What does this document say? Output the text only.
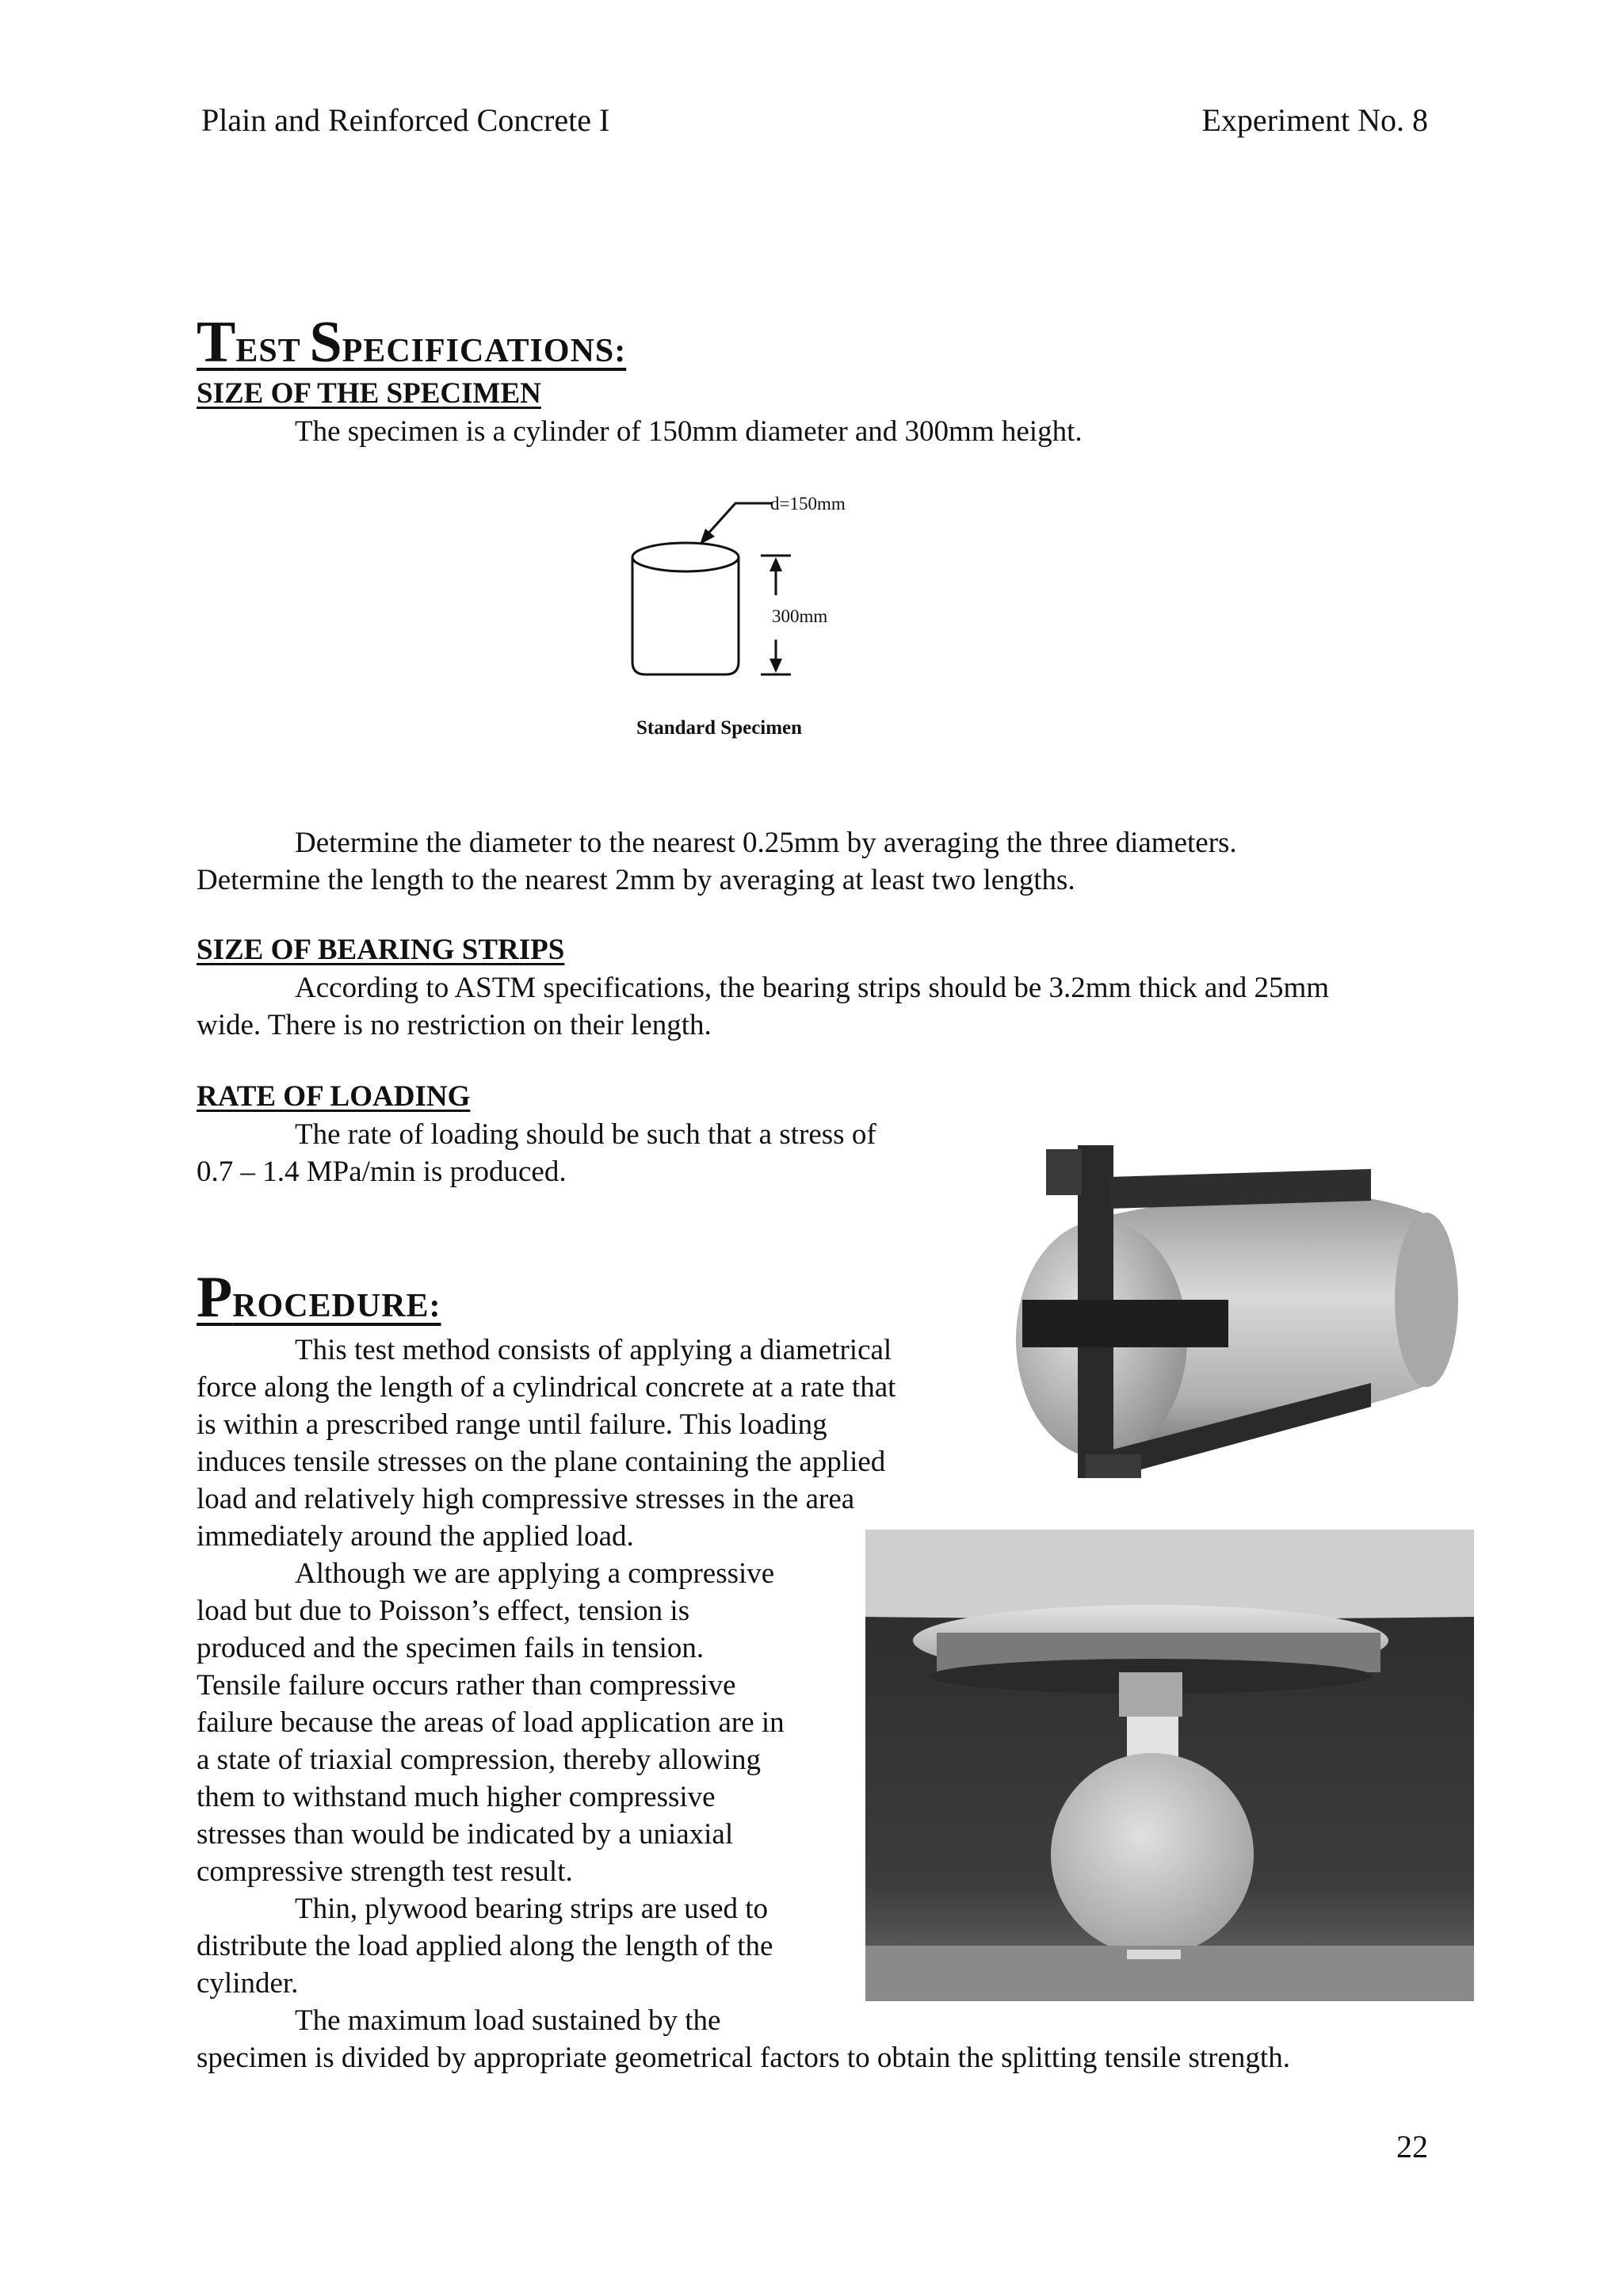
Plain and Reinforced Concrete I	Experiment No. 8
TEST SPECIFICATIONS:
SIZE OF THE SPECIMEN
The specimen is a cylinder of 150mm diameter and 300mm height.
d=150mm
300mm
Standard Specimen

Determine the diameter to the nearest 0.25mm by averaging the three diameters.

Determine the length to the nearest 2mm by averaging at least two lengths.

SIZE OF BEARING STRIPS

According to ASTM specifications, the bearing strips should be 3.2mm thick and 25mm

wide. There is no restriction on their length.

RATE OF LOADING

The rate of loading should be such that a stress of

0.7 – 1.4 MPa/min is produced.

PROCEDURE:

This test method consists of applying a diametrical

force along the length of a cylindrical concrete at a rate that

is within a prescribed range until failure. This loading

induces tensile stresses on the plane containing the applied

load and relatively high compressive stresses in the area

immediately around the applied load.

Although we are applying a compressive

load but due to Poisson’s effect, tension is

produced and the specimen fails in tension.

Tensile failure occurs rather than compressive

failure because the areas of load application are in

a state of triaxial compression, thereby allowing

them to withstand much higher compressive

stresses than would be indicated by a uniaxial

compressive strength test result.

Thin, plywood bearing strips are used to

distribute the load applied along the length of the

cylinder.

The maximum load sustained by the

specimen is divided by appropriate geometrical factors to obtain the splitting tensile strength.

22
